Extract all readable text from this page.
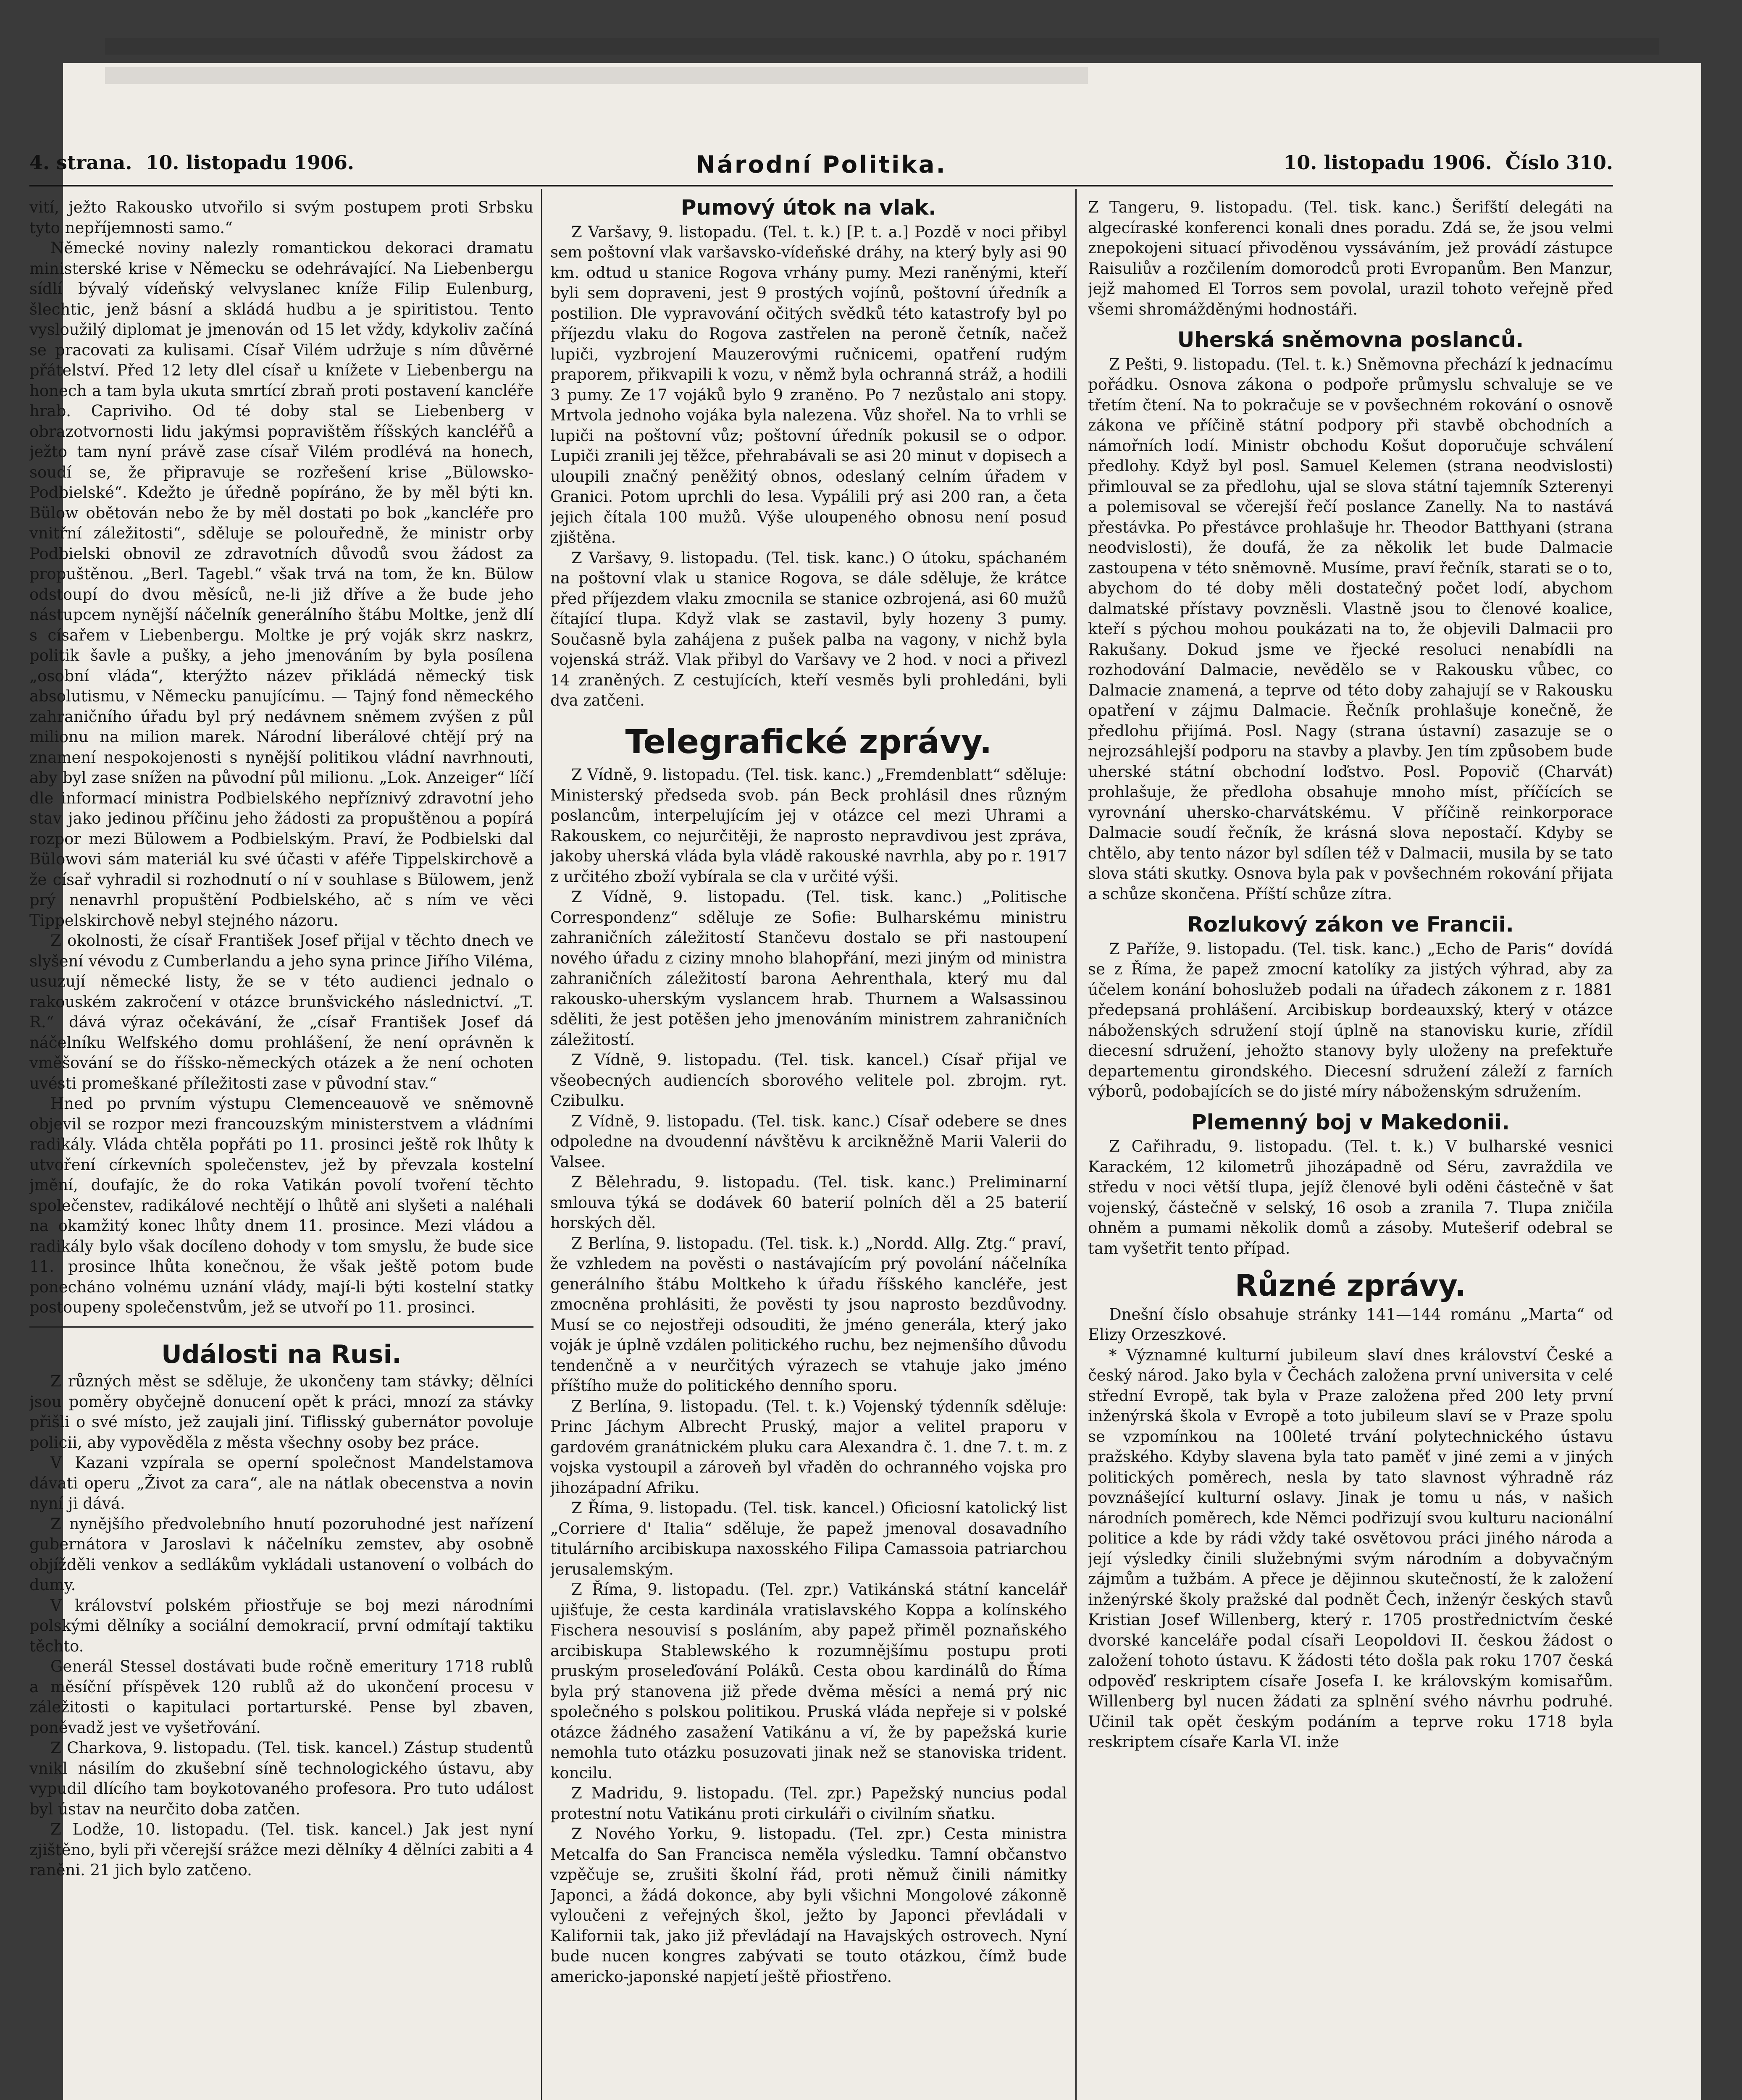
4. strana. 10. listopadu 1906.	Národní Politika.	10. listopadu 1906. Číslo 310.

vití, ježto Rakousko utvořilo si svým postupem proti Srbsku tyto nepříjemnosti samo.“

Německé noviny nalezly romantickou dekoraci dramatu ministerské krise v Německu se odehrávající. Na Liebenbergu sídlí bývalý vídeňský velvyslanec kníže Filip Eulenburg, šlechtic, jenž básní a skládá hudbu a je spiritistou. Tento vysloužilý diplomat je jmenován od 15 let vždy, kdykoliv začíná se pracovati za kulisami. Císař Vilém udržuje s ním důvěrné přátelství. Před 12 lety dlel císař u knížete v Liebenbergu na honech a tam byla ukuta smrtící zbraň proti postavení kancléře hrab. Capriviho. Od té doby stal se Liebenberg v obrazotvornosti lidu jakýmsi popravištěm říšských kancléřů a ježto tam nyní právě zase císař Vilém prodlévá na honech, soudí se, že připravuje se rozřešení krise „Bülowsko-Podbielské“. Kdežto je úředně popíráno, že by měl býti kn. Bülow obětován nebo že by měl dostati po bok „kancléře pro vnitřní záležitosti“, sděluje se polouředně, že ministr orby Podbielski obnovil ze zdravotních důvodů svou žádost za propuštěnou. „Berl. Tagebl.“ však trvá na tom, že kn. Bülow odstoupí do dvou měsíců, ne-li již dříve a že bude jeho nástupcem nynější náčelník generálního štábu Moltke, jenž dlí s císařem v Liebenbergu. Moltke je prý voják skrz naskrz, politik šavle a pušky, a jeho jmenováním by byla posílena „osobní vláda“, kterýžto název přikládá německý tisk absolutismu, v Německu panujícímu. — Tajný fond německého zahraničního úřadu byl prý nedávnem sněmem zvýšen z půl milionu na milion marek. Národní liberálové chtějí prý na znamení nespokojenosti s nynější politikou vládní navrhnouti, aby byl zase snížen na původní půl milionu. „Lok. Anzeiger“ líčí dle informací ministra Podbielského nepříznivý zdravotní jeho stav jako jedinou příčinu jeho žádosti za propuštěnou a popírá rozpor mezi Bülowem a Podbielským. Praví, že Podbielski dal Bülowovi sám materiál ku své účasti v aféře Tippelskirchově a že císař vyhradil si rozhodnutí o ní v souhlase s Bülowem, jenž prý nenavrhl propuštění Podbielského, ač s ním ve věci Tippelskirchově nebyl stejného názoru.

Z okolnosti, že císař František Josef přijal v těchto dnech ve slyšení vévodu z Cumberlandu a jeho syna prince Jiřího Viléma, usuzují německé listy, že se v této audienci jednalo o rakouském zakročení v otázce brunšvického následnictví. „T. R.“ dává výraz očekávání, že „císař František Josef dá náčelníku Welfského domu prohlášení, že není oprávněn k vměšování se do říšsko-německých otázek a že není ochoten uvésti promeškané příležitosti zase v původní stav.“

Hned po prvním výstupu Clemenceauově ve sněmovně objevil se rozpor mezi francouzským ministerstvem a vládními radikály. Vláda chtěla popřáti po 11. prosinci ještě rok lhůty k utvoření církevních společenstev, jež by převzala kostelní jmění, doufajíc, že do roka Vatikán povolí tvoření těchto společenstev, radikálové nechtějí o lhůtě ani slyšeti a naléhali na okamžitý konec lhůty dnem 11. prosince. Mezi vládou a radikály bylo však docíleno dohody v tom smyslu, že bude sice 11. prosince lhůta konečnou, že však ještě potom bude ponecháno volnému uznání vlády, mají-li býti kostelní statky postoupeny společenstvům, jež se utvoří po 11. prosinci.

Události na Rusi.

Z různých měst se sděluje, že ukončeny tam stávky; dělníci jsou poměry obyčejně donucení opět k práci, mnozí za stávky přišli o své místo, jež zaujali jiní. Tiflisský gubernátor povoluje policii, aby vypověděla z města všechny osoby bez práce.

V Kazani vzpírala se operní společnost Mandelstamova dávati operu „Život za cara“, ale na nátlak obecenstva a novin nyní ji dává.

Z nynějšího předvolebního hnutí pozoruhodné jest nařízení gubernátora v Jaroslavi k náčelníku zemstev, aby osobně objížděli venkov a sedlákům vykládali ustanovení o volbách do dumy.

V království polském přiostřuje se boj mezi národními polskými dělníky a sociální demokracií, první odmítají taktiku těchto.

Generál Stessel dostávati bude ročně emeritury 1718 rublů a měsíční příspěvek 120 rublů až do ukončení procesu v záležitosti o kapitulaci portarturské. Pense byl zbaven, poněvadž jest ve vyšetřování.

Z Charkova, 9. listopadu. (Tel. tisk. kancel.) Zástup studentů vnikl násilím do zkušební síně technologického ústavu, aby vypudil dlícího tam boykotovaného profesora. Pro tuto událost byl ústav na neurčito doba zatčen.

Z Lodže, 10. listopadu. (Tel. tisk. kancel.) Jak jest nyní zjištěno, byli při včerejší srážce mezi dělníky 4 dělníci zabiti a 4 raněni. 21 jich bylo zatčeno.

Pumový útok na vlak.

Z Varšavy, 9. listopadu. (Tel. t. k.) [P. t. a.] Pozdě v noci přibyl sem poštovní vlak varšavsko-vídeňské dráhy, na který byly asi 90 km. odtud u stanice Rogova vrhány pumy. Mezi raněnými, kteří byli sem dopraveni, jest 9 prostých vojínů, poštovní úředník a postilion. Dle vypravování očitých svědků této katastrofy byl po příjezdu vlaku do Rogova zastřelen na peroně četník, načež lupiči, vyzbrojení Mauzerovými ručnicemi, opatření rudým praporem, přikvapili k vozu, v němž byla ochranná stráž, a hodili 3 pumy. Ze 17 vojáků bylo 9 zraněno. Po 7 nezůstalo ani stopy. Mrtvola jednoho vojáka byla nalezena. Vůz shořel. Na to vrhli se lupiči na poštovní vůz; poštovní úředník pokusil se o odpor. Lupiči zranili jej těžce, přehrabávali se asi 20 minut v dopisech a uloupili značný peněžitý obnos, odeslaný celním úřadem v Granici. Potom uprchli do lesa. Vypálili prý asi 200 ran, a četa jejich čítala 100 mužů. Výše uloupeného obnosu není posud zjištěna.

Z Varšavy, 9. listopadu. (Tel. tisk. kanc.) O útoku, spáchaném na poštovní vlak u stanice Rogova, se dále sděluje, že krátce před příjezdem vlaku zmocnila se stanice ozbrojená, asi 60 mužů čítající tlupa. Když vlak se zastavil, byly hozeny 3 pumy. Současně byla zahájena z pušek palba na vagony, v nichž byla vojenská stráž. Vlak přibyl do Varšavy ve 2 hod. v noci a přivezl 14 zraněných. Z cestujících, kteří vesměs byli prohledáni, byli dva zatčeni.

Telegrafické zprávy.

Z Vídně, 9. listopadu. (Tel. tisk. kanc.) „Fremdenblatt“ sděluje: Ministerský předseda svob. pán Beck prohlásil dnes různým poslancům, interpelujícím jej v otázce cel mezi Uhrami a Rakouskem, co nejurčitěji, že naprosto nepravdivou jest zpráva, jakoby uherská vláda byla vládě rakouské navrhla, aby po r. 1917 z určitého zboží vybírala se cla v určité výši.

Z Vídně, 9. listopadu. (Tel. tisk. kanc.) „Politische Correspondenz“ sděluje ze Sofie: Bulharskému ministru zahraničních záležitostí Stančevu dostalo se při nastoupení nového úřadu z ciziny mnoho blahopřání, mezi jiným od ministra zahraničních záležitostí barona Aehrenthala, který mu dal rakousko-uherským vyslancem hrab. Thurnem a Walsassinou sděliti, že jest potěšen jeho jmenováním ministrem zahraničních záležitostí.

Z Vídně, 9. listopadu. (Tel. tisk. kancel.) Císař přijal ve všeobecných audiencích sborového velitele pol. zbrojm. ryt. Czibulku.

Z Vídně, 9. listopadu. (Tel. tisk. kanc.) Císař odebere se dnes odpoledne na dvoudenní návštěvu k arcikněžně Marii Valerii do Valsee.

Z Bělehradu, 9. listopadu. (Tel. tisk. kanc.) Preliminarní smlouva týká se dodávek 60 baterií polních děl a 25 baterií horských děl.

Z Berlína, 9. listopadu. (Tel. tisk. k.) „Nordd. Allg. Ztg.“ praví, že vzhledem na pověsti o nastávajícím prý povolání náčelníka generálního štábu Moltkeho k úřadu říšského kancléře, jest zmocněna prohlásiti, že pověsti ty jsou naprosto bezdůvodny. Musí se co nejostřeji odsouditi, že jméno generála, který jako voják je úplně vzdálen politického ruchu, bez nejmenšího důvodu tendenčně a v neurčitých výrazech se vtahuje jako jméno příštího muže do politického denního sporu.

Z Berlína, 9. listopadu. (Tel. t. k.) Vojenský týdenník sděluje: Princ Jáchym Albrecht Pruský, major a velitel praporu v gardovém granátnickém pluku cara Alexandra č. 1. dne 7. t. m. z vojska vystoupil a zároveň byl vřaděn do ochranného vojska pro jihozápadní Afriku.

Z Říma, 9. listopadu. (Tel. tisk. kancel.) Oficiosní katolický list „Corriere d' Italia“ sděluje, že papež jmenoval dosavadního titulárního arcibiskupa naxosského Filipa Camassoia patriarchou jerusalemským.

Z Říma, 9. listopadu. (Tel. zpr.) Vatikánská státní kancelář ujišťuje, že cesta kardinála vratislavského Koppa a kolínského Fischera nesouvisí s posláním, aby papež přiměl poznaňského arcibiskupa Stablewského k rozumnějšímu postupu proti pruským proseleďování Poláků. Cesta obou kardinálů do Říma byla prý stanovena již přede dvěma měsíci a nemá prý nic společného s polskou politikou. Pruská vláda nepřeje si v polské otázce žádného zasažení Vatikánu a ví, že by papežská kurie nemohla tuto otázku posuzovati jinak než se stanoviska trident. koncilu.

Z Madridu, 9. listopadu. (Tel. zpr.) Papežský nuncius podal protestní notu Vatikánu proti cirkuláři o civilním sňatku.

Z Nového Yorku, 9. listopadu. (Tel. zpr.) Cesta ministra Metcalfa do San Francisca neměla výsledku. Tamní občanstvo vzpěčuje se, zrušiti školní řád, proti němuž činili námitky Japonci, a žádá dokonce, aby byli všichni Mongolové zákonně vyloučeni z veřejných škol, ježto by Japonci převládali v Kalifornii tak, jako již převládají na Havajských ostrovech. Nyní bude nucen kongres zabývati se touto otázkou, čímž bude americko-japonské napjetí ještě přiostřeno.

Z Tangeru, 9. listopadu. (Tel. tisk. kanc.) Šerifští delegáti na algecíraské konferenci konali dnes poradu. Zdá se, že jsou velmi znepokojeni situací přivoděnou vyssáváním, jež provádí zástupce Raisuliův a rozčilením domorodců proti Evropanům. Ben Manzur, jejž mahomed El Torros sem povolal, urazil tohoto veřejně před všemi shromážděnými hodnostáři.

Uherská sněmovna poslanců.

Z Pešti, 9. listopadu. (Tel. t. k.) Sněmovna přechází k jednacímu pořádku. Osnova zákona o podpoře průmyslu schvaluje se ve třetím čtení. Na to pokračuje se v povšechném rokování o osnově zákona ve příčině státní podpory při stavbě obchodních a námořních lodí. Ministr obchodu Košut doporučuje schválení předlohy. Když byl posl. Samuel Kelemen (strana neodvislosti) přimlouval se za předlohu, ujal se slova státní tajemník Szterenyi a polemisoval se včerejší řečí poslance Zanelly. Na to nastává přestávka. Po přestávce prohlašuje hr. Theodor Batthyani (strana neodvislosti), že doufá, že za několik let bude Dalmacie zastoupena v této sněmovně. Musíme, praví řečník, starati se o to, abychom do té doby měli dostatečný počet lodí, abychom dalmatské přístavy povzněsli. Vlastně jsou to členové koalice, kteří s pýchou mohou poukázati na to, že objevili Dalmacii pro Rakušany. Dokud jsme ve řjecké resoluci nenabídli na rozhodování Dalmacie, nevědělo se v Rakousku vůbec, co Dalmacie znamená, a teprve od této doby zahajují se v Rakousku opatření v zájmu Dalmacie. Řečník prohlašuje konečně, že předlohu přijímá. Posl. Nagy (strana ústavní) zasazuje se o nejrozsáhlejší podporu na stavby a plavby. Jen tím způsobem bude uherské státní obchodní loďstvo. Posl. Popovič (Charvát) prohlašuje, že předloha obsahuje mnoho míst, příčících se vyrovnání uhersko-charvátskému. V příčině reinkorporace Dalmacie soudí řečník, že krásná slova nepostačí. Kdyby se chtělo, aby tento názor byl sdílen též v Dalmacii, musila by se tato slova státi skutky. Osnova byla pak v povšechném rokování přijata a schůze skončena. Příští schůze zítra.

Rozlukový zákon ve Francii.

Z Paříže, 9. listopadu. (Tel. tisk. kanc.) „Echo de Paris“ dovídá se z Říma, že papež zmocní katolíky za jistých výhrad, aby za účelem konání bohoslužeb podali na úřadech zákonem z r. 1881 předepsaná prohlášení. Arcibiskup bordeauxský, který v otázce náboženských sdružení stojí úplně na stanovisku kurie, zřídil diecesní sdružení, jehožto stanovy byly uloženy na prefektuře departementu girondského. Diecesní sdružení záleží z farních výborů, podobajících se do jisté míry náboženským sdružením.

Plemenný boj v Makedonii.

Z Cařihradu, 9. listopadu. (Tel. t. k.) V bulharské vesnici Karackém, 12 kilometrů jihozápadně od Séru, zavraždila ve středu v noci větší tlupa, jejíž členové byli oděni částečně v šat vojenský, částečně v selský, 16 osob a zranila 7. Tlupa zničila ohněm a pumami několik domů a zásoby. Mutešerif odebral se tam vyšetřit tento případ.

Různé zprávy.

Dnešní číslo obsahuje stránky 141—144 románu „Marta“ od Elizy Orzeszkové.

* Významné kulturní jubileum slaví dnes království České a český národ. Jako byla v Čechách založena první universita v celé střední Evropě, tak byla v Praze založena před 200 lety první inženýrská škola v Evropě a toto jubileum slaví se v Praze spolu se vzpomínkou na 100leté trvání polytechnického ústavu pražského. Kdyby slavena byla tato paměť v jiné zemi a v jiných politických poměrech, nesla by tato slavnost výhradně ráz povznášející kulturní oslavy. Jinak je tomu u nás, v našich národních poměrech, kde Němci podřizují svou kulturu nacionální politice a kde by rádi vždy také osvětovou práci jiného národa a její výsledky činili služebnými svým národním a dobyvačným zájmům a tužbám. A přece je dějinnou skutečností, že k založení inženýrské školy pražské dal podnět Čech, inženýr českých stavů Kristian Josef Willenberg, který r. 1705 prostřednictvím české dvorské kanceláře podal císaři Leopoldovi II. českou žádost o založení tohoto ústavu. K žádosti této došla pak roku 1707 česká odpověď reskriptem císaře Josefa I. ke královským komisařům. Willenberg byl nucen žádati za splnění svého návrhu podruhé. Učinil tak opět českým podáním a teprve roku 1718 byla reskriptem císaře Karla VI. inže
